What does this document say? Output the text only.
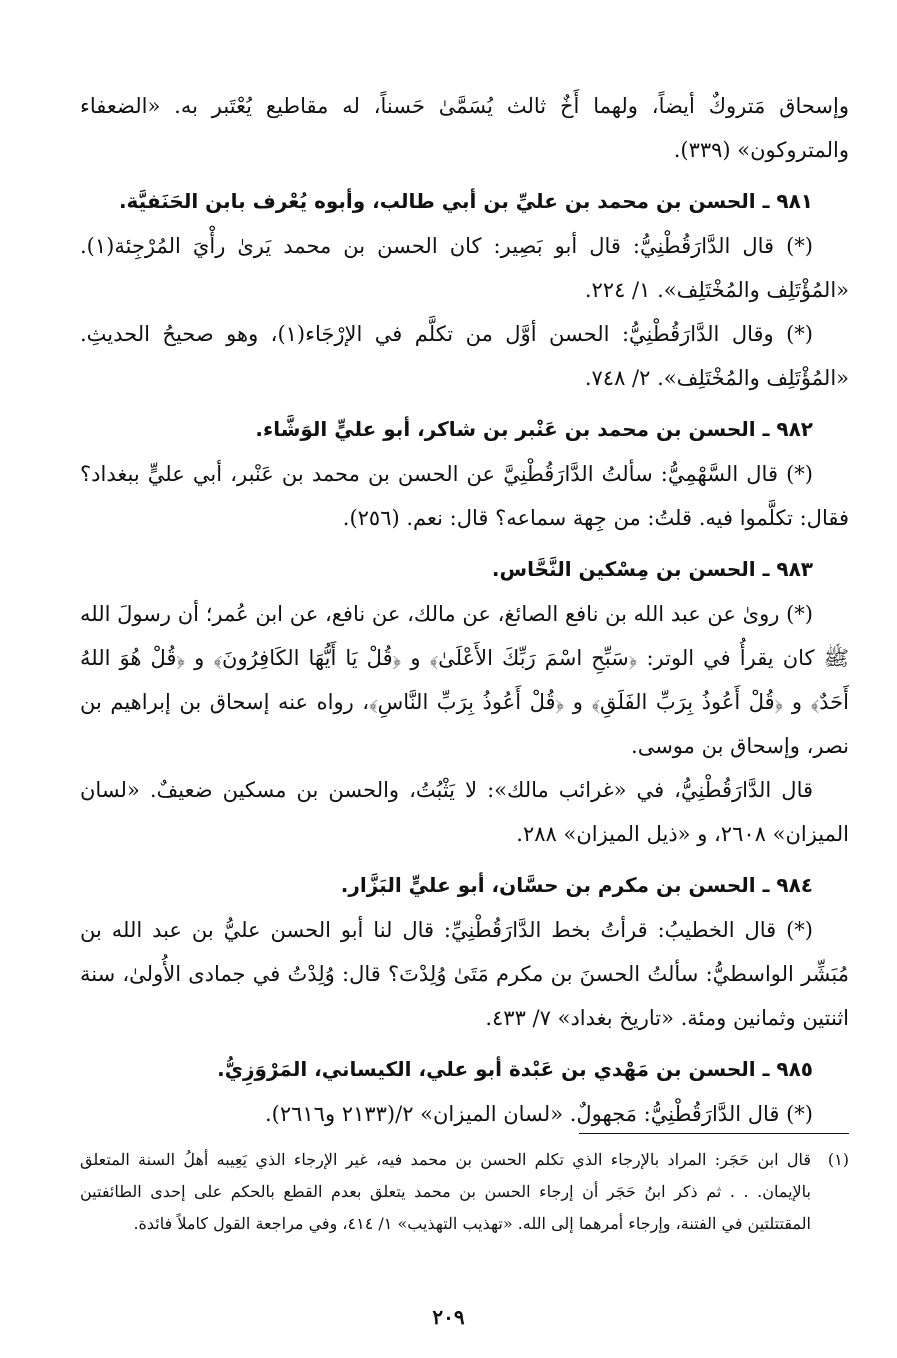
وإسحاق مَتروكٌ أيضاً، ولهما أَخٌ ثالث يُسَمَّىٰ حَسناً، له مقاطيع يُعْتَبر به. «الضعفاء والمتروكون» (٣٣٩).

٩٨١ ـ الحسن بن محمد بن عليِّ بن أبي طالب، وأبوه يُعْرف بابن الحَنَفيَّة.

(*) قال الدَّارَقُطْنِيُّ: قال أبو بَصِير: كان الحسن بن محمد يَرىٰ رأْيَ المُرْجِئة(١). «المُؤْتَلِف والمُخْتَلِف». ١/ ٢٢٤.

(*) وقال الدَّارَقُطْنِيُّ: الحسن أوَّل من تكلَّم في الإرْجَاء(١)، وهو صحيحُ الحديثِ. «المُؤْتَلِف والمُخْتَلِف». ٢/ ٧٤٨.

٩٨٢ ـ الحسن بن محمد بن عَنْبر بن شاكر، أبو عليٍّ الوَشَّاء.

(*) قال السَّهْمِيُّ: سألتُ الدَّارَقُطْنِيَّ عن الحسن بن محمد بن عَنْبر، أبي عليٍّ ببغداد؟ فقال: تكلَّموا فيه. قلتُ: من جِهة سماعه؟ قال: نعم. (٢٥٦).

٩٨٣ ـ الحسن بن مِسْكين النَّحَّاس.

(*) روىٰ عن عبد الله بن نافع الصائغ، عن مالك، عن نافع، عن ابن عُمر؛ أن رسولَ الله ﷺ كان يقرأُ في الوتر: ﴿سَبِّحِ اسْمَ رَبِّكَ الأَعْلَىٰ﴾ و ﴿قُلْ يَا أَيُّهَا الكَافِرُونَ﴾ و ﴿قُلْ هُوَ اللهُ أَحَدٌ﴾ و ﴿قُلْ أَعُوذُ بِرَبِّ الفَلَقِ﴾ و ﴿قُلْ أَعُوذُ بِرَبِّ النَّاسِ﴾، رواه عنه إسحاق بن إبراهيم بن نصر، وإسحاق بن موسى.

قال الدَّارَقُطْنِيُّ، في «غرائب مالك»: لا يَثْبُتُ، والحسن بن مسكين ضعيفٌ. «لسان الميزان» ٢٦٠٨، و «ذيل الميزان» ٢٨٨.

٩٨٤ ـ الحسن بن مكرم بن حسَّان، أبو عليٍّ البَزَّار.

(*) قال الخطيبُ: قرأتُ بخط الدَّارَقُطْنِيِّ: قال لنا أبو الحسن عليُّ بن عبد الله بن مُبَشِّر الواسطيُّ: سألتُ الحسنَ بن مكرم مَتَىٰ وُلِدْتَ؟ قال: وُلِدْتُ في جمادى الأُولىٰ، سنة اثنتين وثمانين ومئة. «تاريخ بغداد» ٧/ ٤٣٣.

٩٨٥ ـ الحسن بن مَهْدي بن عَبْدة أبو علي، الكيساني، المَرْوَزِيُّ.

(*) قال الدَّارَقُطْنِيُّ: مَجهولٌ. «لسان الميزان» ٢/(٢١٣٣ و٢٦١٦).

(١)
قال ابن حَجَر: المراد بالإرجاء الذي تكلم الحسن بن محمد فيه، غير الإرجاء الذي يَعِيبه أهلُ السنة المتعلق بالإيمان. . . ثم ذكر ابنُ حَجَر أن إرجاء الحسن بن محمد يتعلق بعدم القطع بالحكم على إحدى الطائفتين المقتتلتين في الفتنة، وإرجاء أمرهما إلى الله. «تهذيب التهذيب» ١/ ٤١٤، وفي مراجعة القول كاملاً فائدة.
٢٠٩
